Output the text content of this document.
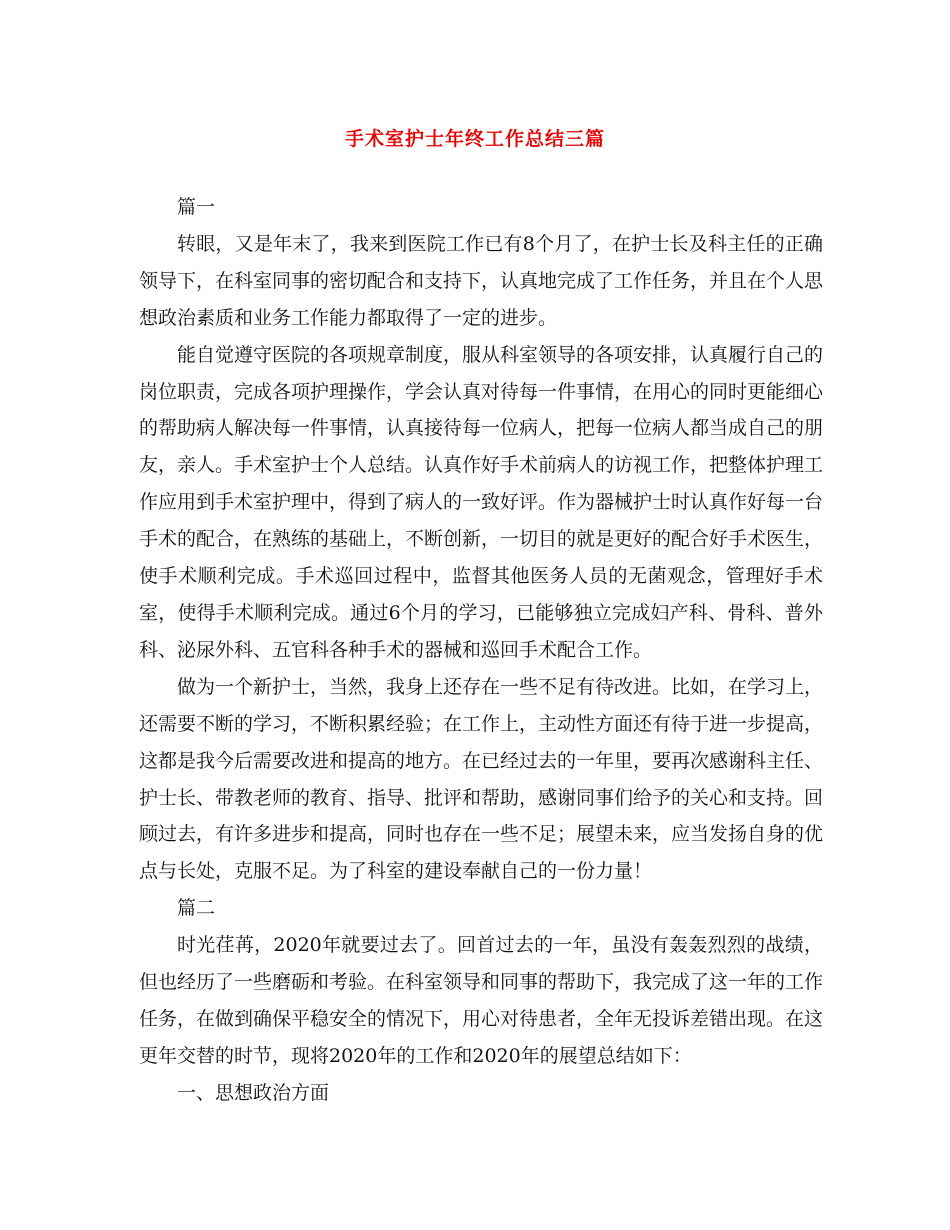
手术室护士年终工作总结三篇

篇一

转眼，又是年末了，我来到医院工作已有8个月了，在护士长及科主任的正确领导下，在科室同事的密切配合和支持下，认真地完成了工作任务，并且在个人思想政治素质和业务工作能力都取得了一定的进步。

能自觉遵守医院的各项规章制度，服从科室领导的各项安排，认真履行自己的岗位职责，完成各项护理操作，学会认真对待每一件事情，在用心的同时更能细心的帮助病人解决每一件事情，认真接待每一位病人，把每一位病人都当成自己的朋友，亲人。手术室护士个人总结。认真作好手术前病人的访视工作，把整体护理工作应用到手术室护理中，得到了病人的一致好评。作为器械护士时认真作好每一台手术的配合，在熟练的基础上，不断创新，一切目的就是更好的配合好手术医生，使手术顺利完成。手术巡回过程中，监督其他医务人员的无菌观念，管理好手术室，使得手术顺利完成。通过6个月的学习，已能够独立完成妇产科、骨科、普外科、泌尿外科、五官科各种手术的器械和巡回手术配合工作。

做为一个新护士，当然，我身上还存在一些不足有待改进。比如，在学习上，还需要不断的学习，不断积累经验；在工作上，主动性方面还有待于进一步提高，这都是我今后需要改进和提高的地方。在已经过去的一年里，要再次感谢科主任、护士长、带教老师的教育、指导、批评和帮助，感谢同事们给予的关心和支持。回顾过去，有许多进步和提高，同时也存在一些不足；展望未来，应当发扬自身的优点与长处，克服不足。为了科室的建设奉献自己的一份力量！

篇二

时光荏苒，2020年就要过去了。回首过去的一年，虽没有轰轰烈烈的战绩，但也经历了一些磨砺和考验。在科室领导和同事的帮助下，我完成了这一年的工作任务，在做到确保平稳安全的情况下，用心对待患者，全年无投诉差错出现。在这更年交替的时节，现将2020年的工作和2020年的展望总结如下：

一、思想政治方面
